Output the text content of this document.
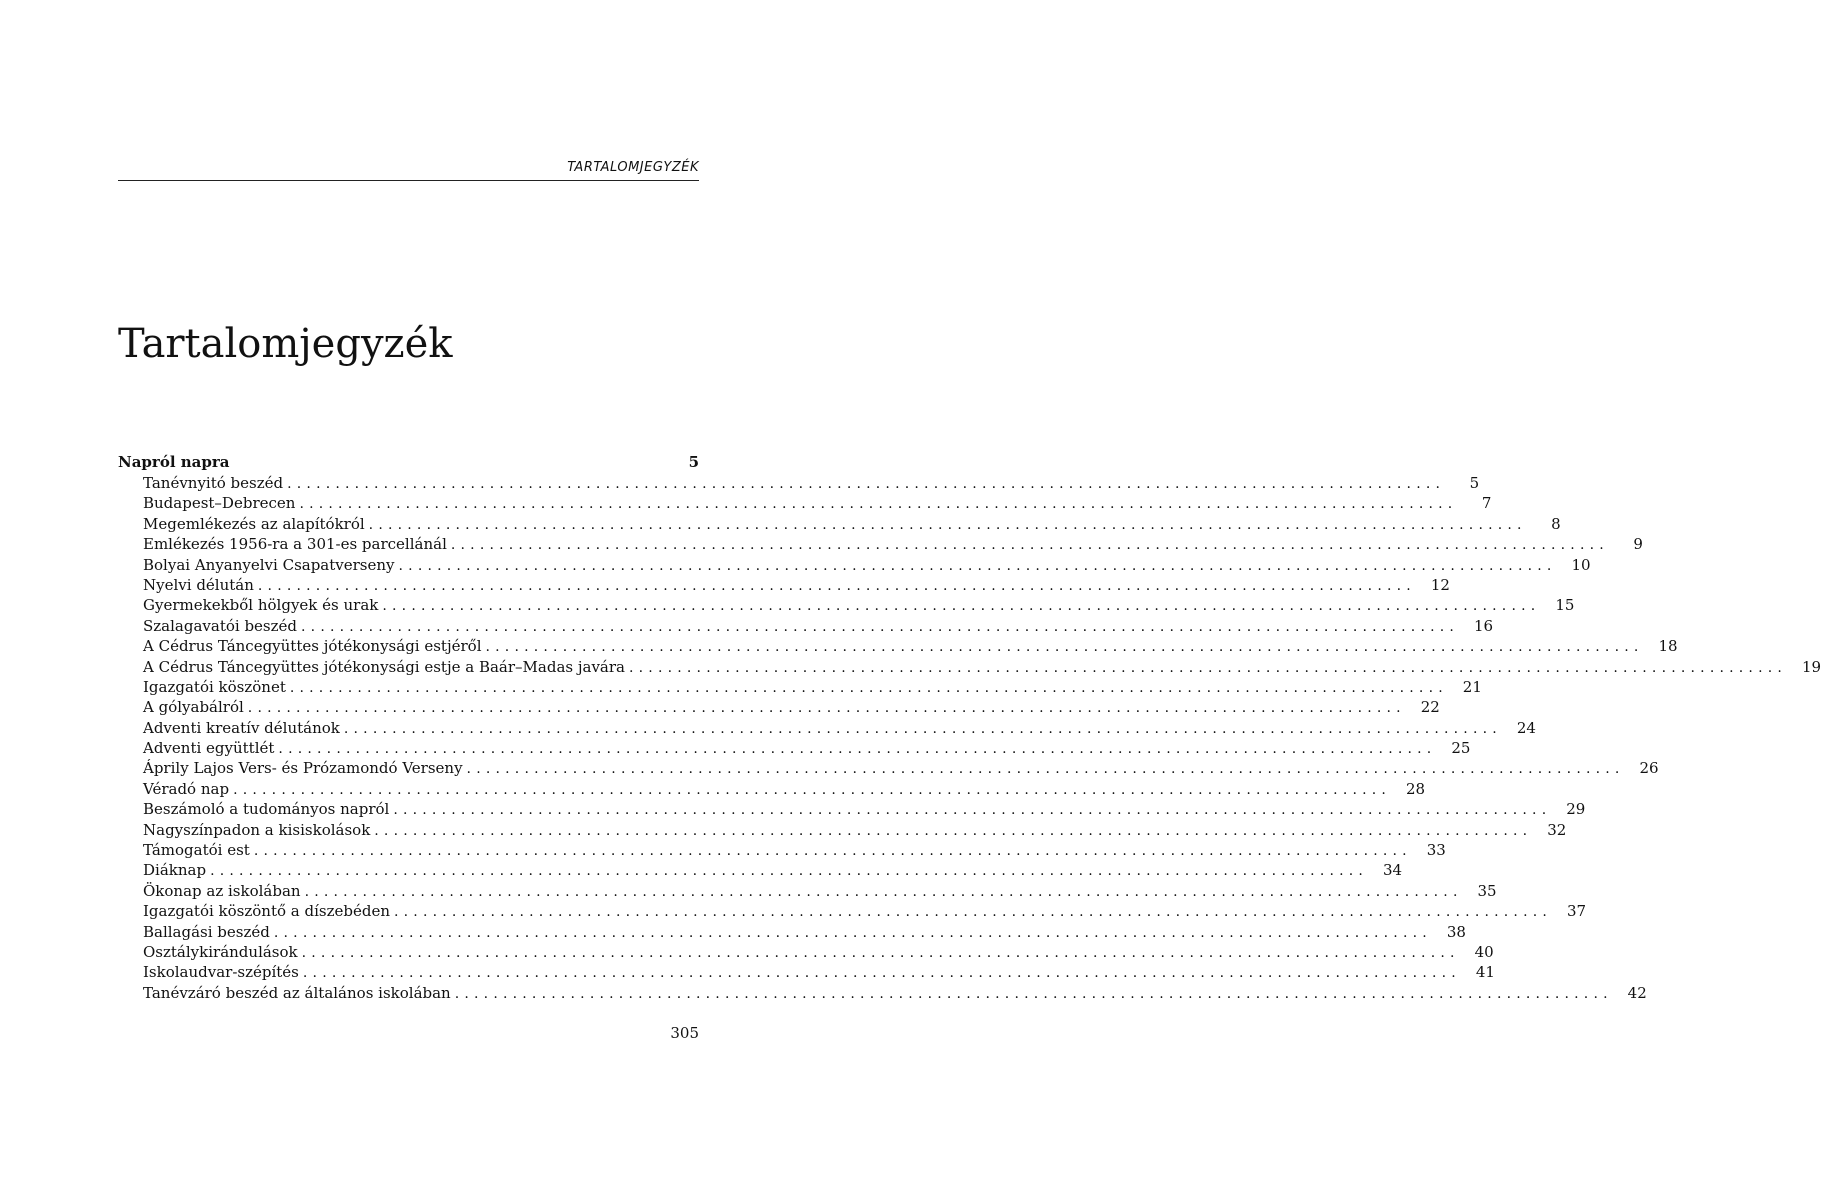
TARTALOMJEGYZÉK
Tartalomjegyzék
Napról napra	5
Tanévnyitó beszéd ........................................................................................................................	5
Budapest–Debrecen ........................................................................................................................	7
Megemlékezés az alapítókról ........................................................................................................................	8
Emlékezés 1956-ra a 301-es parcellánál ........................................................................................................................	9
Bolyai Anyanyelvi Csapatverseny ........................................................................................................................ 10
Nyelvi délután ........................................................................................................................ 12
Gyermekekből hölgyek és urak ........................................................................................................................ 15
Szalagavatói beszéd ........................................................................................................................ 16
A Cédrus Táncegyüttes jótékonysági estjéről ........................................................................................................................ 18
A Cédrus Táncegyüttes jótékonysági estje a Baár–Madas javára ........................................................................................................................ 19
Igazgatói köszönet ........................................................................................................................ 21
A gólyabálról ........................................................................................................................ 22
Adventi kreatív délutánok ........................................................................................................................ 24
Adventi együttlét ........................................................................................................................ 25
Áprily Lajos Vers- és Prózamondó Verseny ........................................................................................................................ 26
Véradó nap ........................................................................................................................ 28
Beszámoló a tudományos napról ........................................................................................................................ 29
Nagyszínpadon a kisiskolások ........................................................................................................................ 32
Támogatói est ........................................................................................................................ 33
Diáknap ........................................................................................................................ 34
Ökonap az iskolában ........................................................................................................................ 35
Igazgatói köszöntő a díszebéden ........................................................................................................................ 37
Ballagási beszéd ........................................................................................................................ 38
Osztálykirándulások ........................................................................................................................ 40
Iskolaudvar-szépítés ........................................................................................................................ 41
Tanévzáró beszéd az általános iskolában ........................................................................................................................ 42
305
